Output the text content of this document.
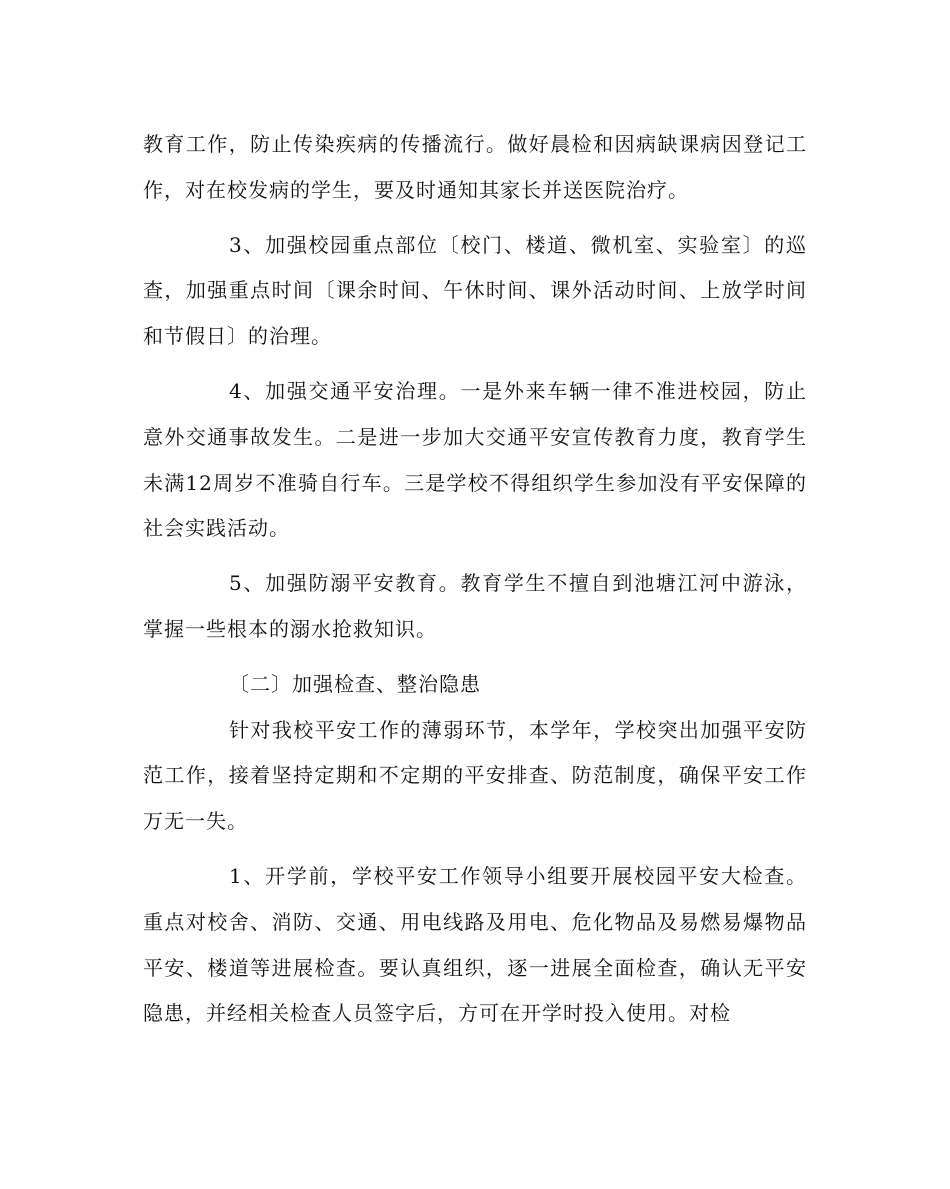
教育工作，防止传染疾病的传播流行。做好晨检和因病缺课病因登记工作，对在校发病的学生，要及时通知其家长并送医院治疗。

3、加强校园重点部位〔校门、楼道、微机室、实验室〕的巡查，加强重点时间〔课余时间、午休时间、课外活动时间、上放学时间和节假日〕的治理。

4、加强交通平安治理。一是外来车辆一律不准进校园，防止意外交通事故发生。二是进一步加大交通平安宣传教育力度，教育学生未满12周岁不准骑自行车。三是学校不得组织学生参加没有平安保障的社会实践活动。

5、加强防溺平安教育。教育学生不擅自到池塘江河中游泳，掌握一些根本的溺水抢救知识。

〔二〕加强检查、整治隐患

针对我校平安工作的薄弱环节，本学年，学校突出加强平安防范工作，接着坚持定期和不定期的平安排查、防范制度，确保平安工作万无一失。

1、开学前，学校平安工作领导小组要开展校园平安大检查。重点对校舍、消防、交通、用电线路及用电、危化物品及易燃易爆物品平安、楼道等进展检查。要认真组织，逐一进展全面检查，确认无平安隐患，并经相关检查人员签字后，方可在开学时投入使用。对检
